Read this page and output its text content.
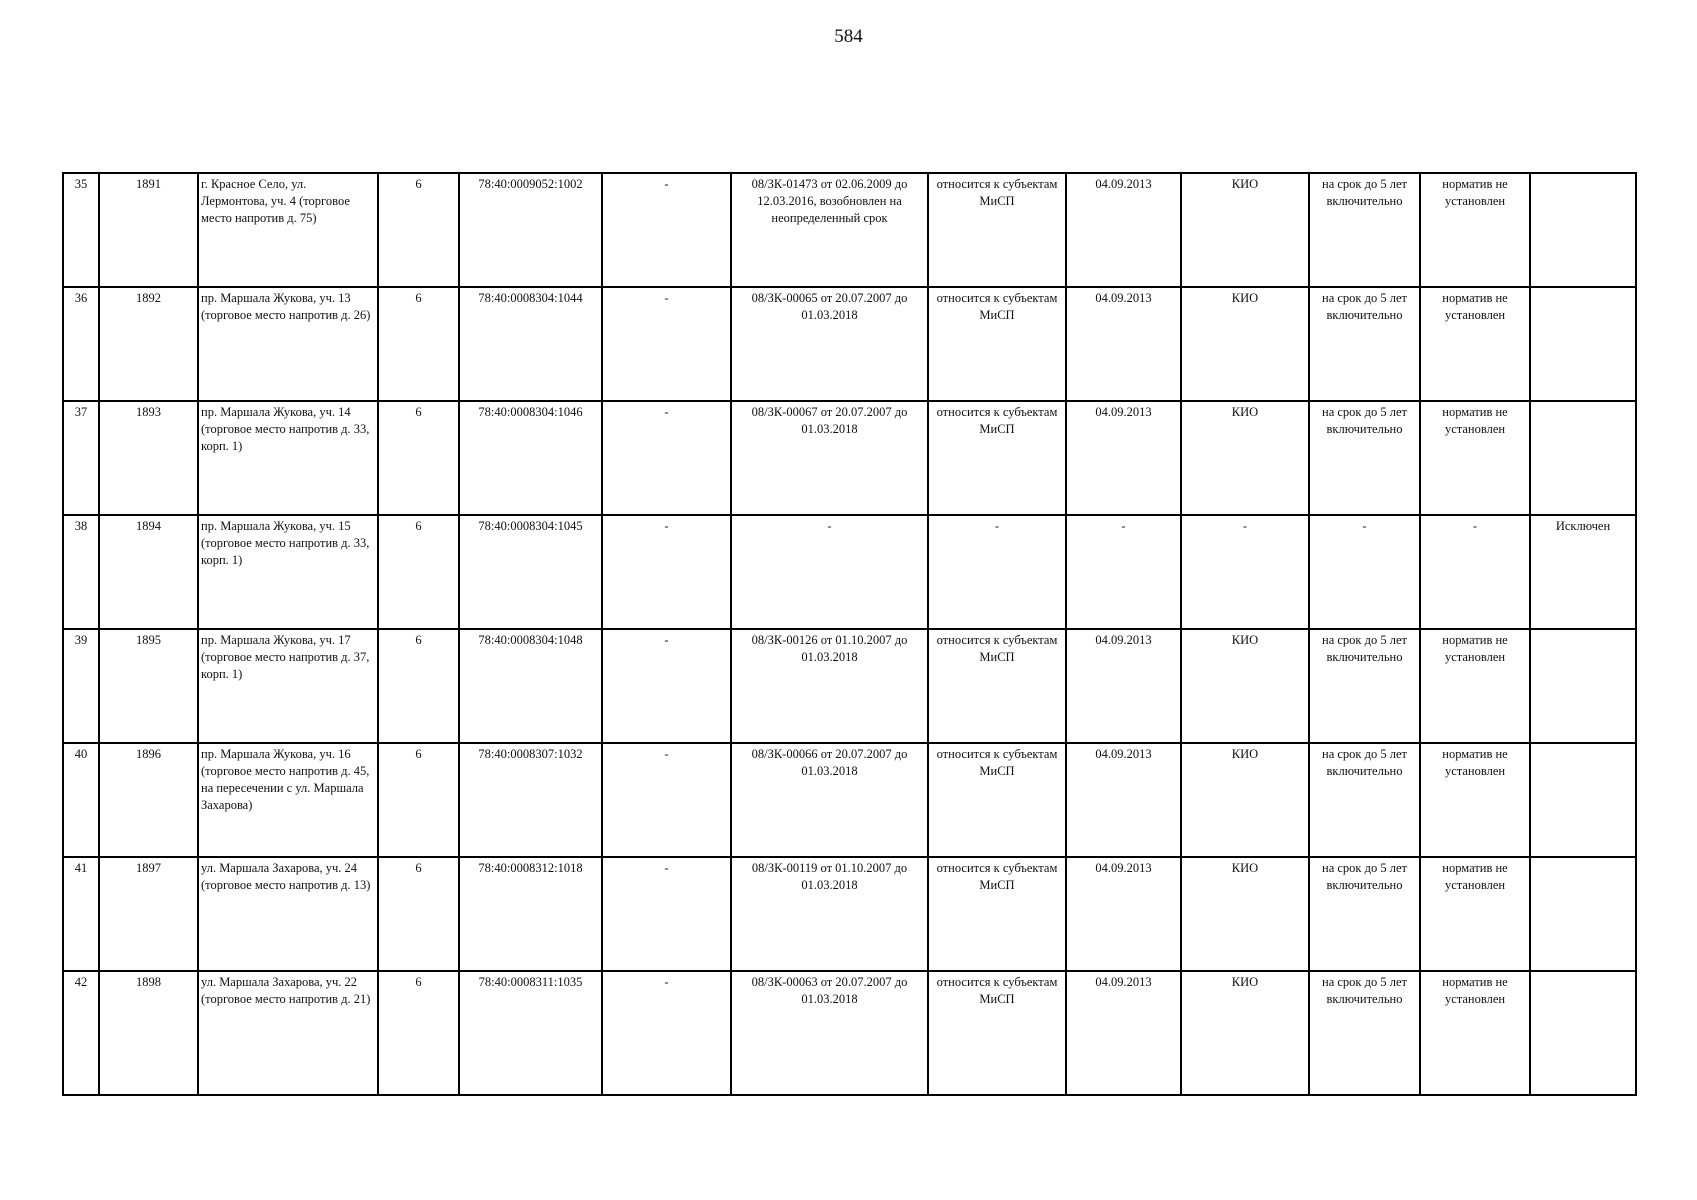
584
35	1891	г. Красное Село, ул. Лермонтова, уч. 4 (торговое место напротив д. 75)	6	78:40:0009052:1002	-	08/ЗК-01473 от 02.06.2009 до 12.03.2016, возобновлен на неопределенный срок	относится к субъектам МиСП	04.09.2013	КИО	на срок до 5 лет включительно	норматив не установлен	
36	1892	пр. Маршала Жукова, уч. 13 (торговое место напротив д. 26)	6	78:40:0008304:1044	-	08/ЗК-00065 от 20.07.2007 до 01.03.2018	относится к субъектам МиСП	04.09.2013	КИО	на срок до 5 лет включительно	норматив не установлен	
37	1893	пр. Маршала Жукова, уч. 14 (торговое место напротив д. 33, корп. 1)	6	78:40:0008304:1046	-	08/ЗК-00067 от 20.07.2007 до 01.03.2018	относится к субъектам МиСП	04.09.2013	КИО	на срок до 5 лет включительно	норматив не установлен	
38	1894	пр. Маршала Жукова, уч. 15 (торговое место напротив д. 33, корп. 1)	6	78:40:0008304:1045	-	-	-	-	-	-	-	Исключен
39	1895	пр. Маршала Жукова, уч. 17 (торговое место напротив д. 37, корп. 1)	6	78:40:0008304:1048	-	08/ЗК-00126 от 01.10.2007 до 01.03.2018	относится к субъектам МиСП	04.09.2013	КИО	на срок до 5 лет включительно	норматив не установлен	
40	1896	пр. Маршала Жукова, уч. 16 (торговое место напротив д. 45, на пересечении с ул. Маршала Захарова)	6	78:40:0008307:1032	-	08/ЗК-00066 от 20.07.2007 до 01.03.2018	относится к субъектам МиСП	04.09.2013	КИО	на срок до 5 лет включительно	норматив не установлен	
41	1897	ул. Маршала Захарова, уч. 24 (торговое место напротив д. 13)	6	78:40:0008312:1018	-	08/ЗК-00119 от 01.10.2007 до 01.03.2018	относится к субъектам МиСП	04.09.2013	КИО	на срок до 5 лет включительно	норматив не установлен	
42	1898	ул. Маршала Захарова, уч. 22 (торговое место напротив д. 21)	6	78:40:0008311:1035	-	08/ЗК-00063 от 20.07.2007 до 01.03.2018	относится к субъектам МиСП	04.09.2013	КИО	на срок до 5 лет включительно	норматив не установлен	
